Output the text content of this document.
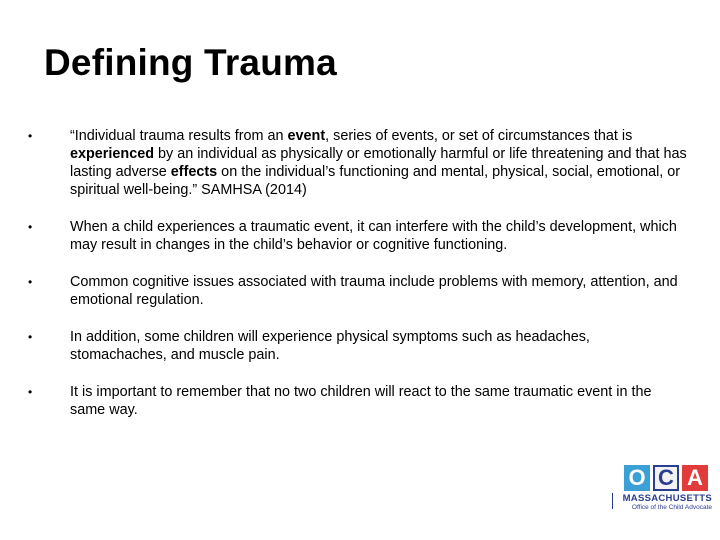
Defining Trauma
•	“Individual trauma results from an event, series of events, or set of circumstances that is experienced by an individual as physically or emotionally harmful or life threatening and that has lasting adverse effects on the individual’s functioning and mental, physical, social, emotional, or spiritual well-being.” SAMHSA (2014)
•	When a child experiences a traumatic event, it can interfere with the child’s development, which may result in changes in the child’s behavior or cognitive functioning.
•	Common cognitive issues associated with trauma include problems with memory, attention, and emotional regulation.
•	In addition, some children will experience physical symptoms such as headaches, stomachaches, and muscle pain.
•	It is important to remember that no two children will react to the same traumatic event in the same way.
O C A
MASSACHUSETTS
Office of the Child Advocate
